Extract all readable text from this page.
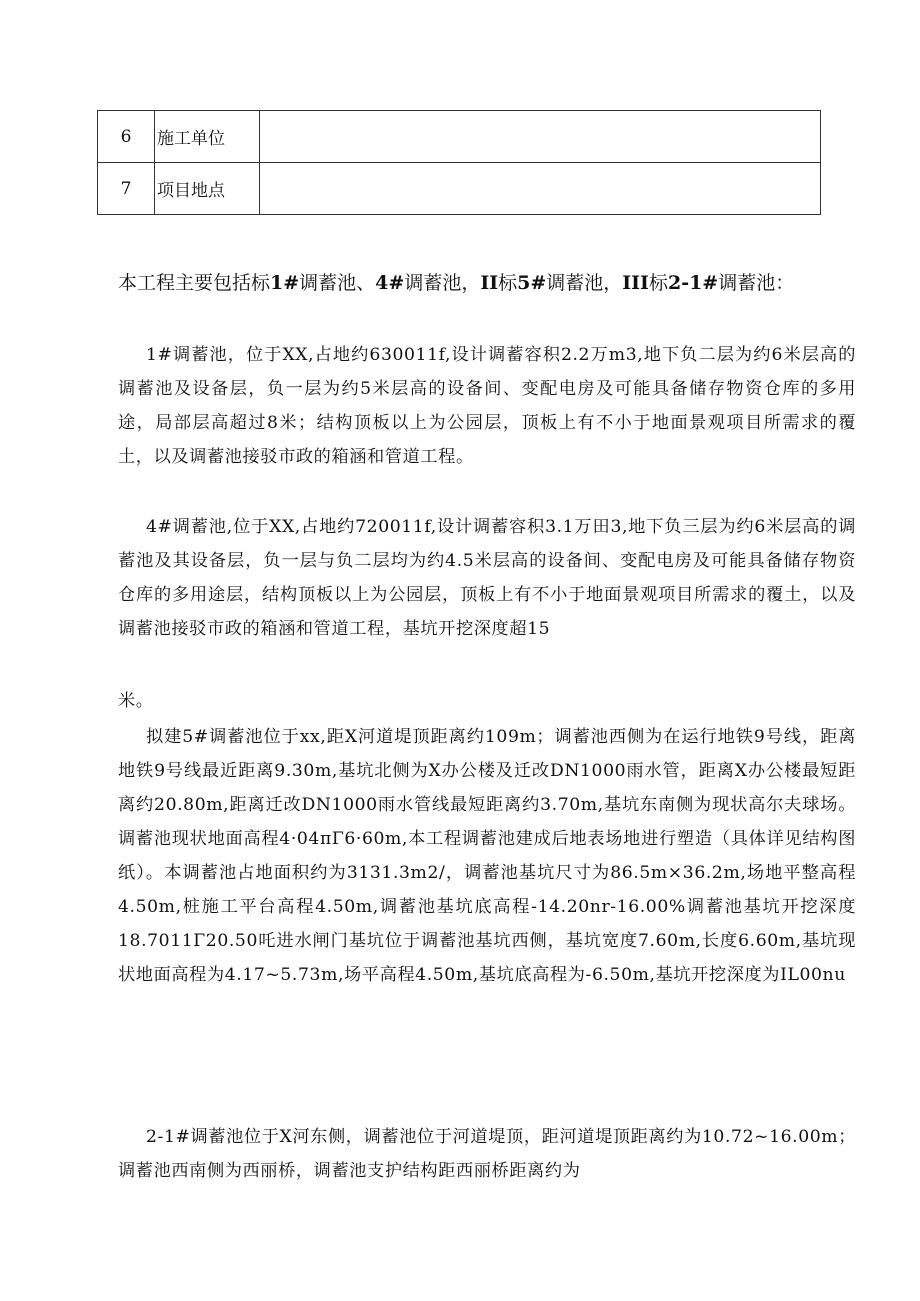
6	施工单位	
7	项目地点	
本工程主要包括标1#调蓄池、4#调蓄池，II标5#调蓄池，III标2-1#调蓄池：

1#调蓄池，位于XX,占地约630011f,设计调蓄容积2.2万m3,地下负二层为约6米层高的调蓄池及设备层，负一层为约5米层高的设备间、变配电房及可能具备储存物资仓库的多用途，局部层高超过8米；结构顶板以上为公园层，顶板上有不小于地面景观项目所需求的覆土，以及调蓄池接驳市政的箱涵和管道工程。

4#调蓄池,位于XX,占地约720011f,设计调蓄容积3.1万田3,地下负三层为约6米层高的调蓄池及其设备层，负一层与负二层均为约4.5米层高的设备间、变配电房及可能具备储存物资仓库的多用途层，结构顶板以上为公园层，顶板上有不小于地面景观项目所需求的覆土，以及调蓄池接驳市政的箱涵和管道工程，基坑开挖深度超15

米。

拟建5#调蓄池位于xx,距X河道堤顶距离约109m；调蓄池西侧为在运行地铁9号线，距离地铁9号线最近距离9.30m,基坑北侧为X办公楼及迁改DN1000雨水管，距离X办公楼最短距离约20.80m,距离迁改DN1000雨水管线最短距离约3.70m,基坑东南侧为现状高尔夫球场。调蓄池现状地面高程4·04πΓ6·60m,本工程调蓄池建成后地表场地进行塑造（具体详见结构图纸）。本调蓄池占地面积约为3131.3m2/，调蓄池基坑尺寸为86.5m×36.2m,场地平整高程4.50m,桩施工平台高程4.50m,调蓄池基坑底高程-14.20nr-16.00%调蓄池基坑开挖深度18.7011Γ20.50吒进水闸门基坑位于调蓄池基坑西侧，基坑宽度7.60m,长度6.60m,基坑现状地面高程为4.17~5.73m,场平高程4.50m,基坑底高程为-6.50m,基坑开挖深度为IL00nu

2-1#调蓄池位于X河东侧，调蓄池位于河道堤顶，距河道堤顶距离约为10.72~16.00m；调蓄池西南侧为西丽桥，调蓄池支护结构距西丽桥距离约为
